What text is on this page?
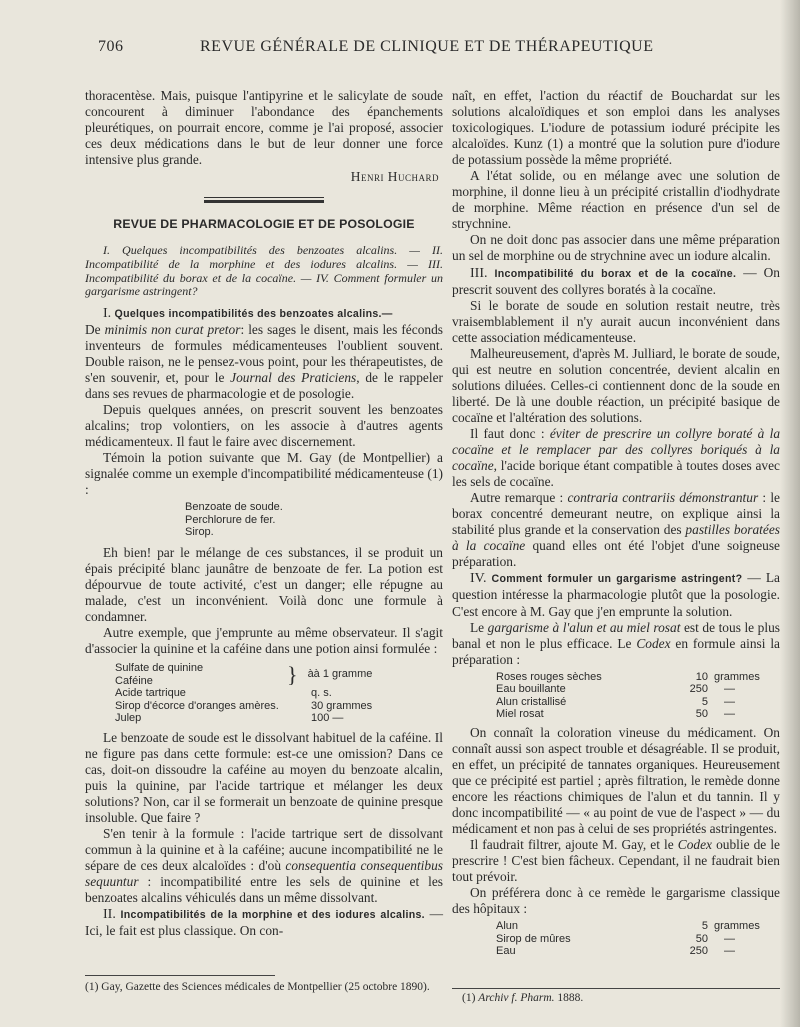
706	REVUE GÉNÉRALE DE CLINIQUE ET DE THÉRAPEUTIQUE

thoracentèse. Mais, puisque l'antipyrine et le salicylate de soude concourent à diminuer l'abondance des épanchements pleurétiques, on pourrait encore, comme je l'ai proposé, associer ces deux médications dans le but de leur donner une force intensive plus grande.

Henri Huchard

REVUE DE PHARMACOLOGIE ET DE POSOLOGIE

I. Quelques incompatibilités des benzoates alcalins. — II. Incompatibilité de la morphine et des iodures alcalins. — III. Incompatibilité du borax et de la cocaïne. — IV. Comment formuler un gargarisme astringent?

I. Quelques incompatibilités des benzoates alcalins.—

De minimis non curat pretor: les sages le disent, mais les féconds inventeurs de formules médicamenteuses l'oublient souvent. Double raison, ne le pensez-vous point, pour les thérapeutistes, de s'en souvenir, et, pour le Journal des Praticiens, de le rappeler dans ses revues de pharmacologie et de posologie.

Depuis quelques années, on prescrit souvent les benzoates alcalins; trop volontiers, on les associe à d'autres agents médicamenteux. Il faut le faire avec discernement.

Témoin la potion suivante que M. Gay (de Montpellier) a signalée comme un exemple d'incompatibilité médicamenteuse (1) :

Benzoate de soude.
Perchlorure de fer.
Sirop.

Eh bien! par le mélange de ces substances, il se produit un épais précipité blanc jaunâtre de benzoate de fer. La potion est dépourvue de toute activité, c'est un danger; elle répugne au malade, c'est un inconvénient. Voilà donc une formule à condamner.

Autre exemple, que j'emprunte au même observateur. Il s'agit d'associer la quinine et la caféine dans une potion ainsi formulée :

Sulfate de quinine
Caféine	} àà 1 gramme
Acide tartrique	q. s.
Sirop d'écorce d'oranges amères.	30 grammes
Julep	100 —

Le benzoate de soude est le dissolvant habituel de la caféine. Il ne figure pas dans cette formule: est-ce une omission? Dans ce cas, doit-on dissoudre la caféine au moyen du benzoate alcalin, puis la quinine, par l'acide tartrique et mélanger les deux solutions? Non, car il se formerait un benzoate de quinine presque insoluble. Que faire ?

S'en tenir à la formule : l'acide tartrique sert de dissolvant commun à la quinine et à la caféine; aucune incompatibilité ne le sépare de ces deux alcaloïdes : d'où consequentia consequentibus sequuntur : incompatibilité entre les sels de quinine et les benzoates alcalins véhiculés dans un même dissolvant.

II. Incompatibilités de la morphine et des iodures alcalins. — Ici, le fait est plus classique. On con-

(1) Gay, Gazette des Sciences médicales de Montpellier (25 octobre 1890).

naît, en effet, l'action du réactif de Bouchardat sur les solutions alcaloïdiques et son emploi dans les analyses toxicologiques. L'iodure de potassium ioduré précipite les alcaloïdes. Kunz (1) a montré que la solution pure d'iodure de potassium possède la même propriété.

A l'état solide, ou en mélange avec une solution de morphine, il donne lieu à un précipité cristallin d'iodhydrate de morphine. Même réaction en présence d'un sel de strychnine.

On ne doit donc pas associer dans une même préparation un sel de morphine ou de strychnine avec un iodure alcalin.

III. Incompatibilité du borax et de la cocaïne. — On prescrit souvent des collyres boratés à la cocaïne.

Si le borate de soude en solution restait neutre, très vraisemblablement il n'y aurait aucun inconvénient dans cette association médicamenteuse.

Malheureusement, d'après M. Julliard, le borate de soude, qui est neutre en solution concentrée, devient alcalin en solutions diluées. Celles-ci contiennent donc de la soude en liberté. De là une double réaction, un précipité basique de cocaïne et l'altération des solutions.

Il faut donc : éviter de prescrire un collyre boraté à la cocaïne et le remplacer par des collyres boriqués à la cocaïne, l'acide borique étant compatible à toutes doses avec les sels de cocaïne.

Autre remarque : contraria contrariis démonstrantur : le borax concentré demeurant neutre, on explique ainsi la stabilité plus grande et la conservation des pastilles boratées à la cocaïne quand elles ont été l'objet d'une soigneuse préparation.

IV. Comment formuler un gargarisme astringent? — La question intéresse la pharmacologie plutôt que la posologie. C'est encore à M. Gay que j'en emprunte la solution.

Le gargarisme à l'alun et au miel rosat est de tous le plus banal et non le plus efficace. Le Codex en formule ainsi la préparation :

Roses rouges sèches	10 grammes
Eau bouillante	250 —
Alun cristallisé	5 —
Miel rosat	50 —

On connaît la coloration vineuse du médicament. On connaît aussi son aspect trouble et désagréable. Il se produit, en effet, un précipité de tannates organiques. Heureusement que ce précipité est partiel ; après filtration, le remède donne encore les réactions chimiques de l'alun et du tannin. Il y donc incompatibilité — « au point de vue de l'aspect » — du médicament et non pas à celui de ses propriétés astringentes.

Il faudrait filtrer, ajoute M. Gay, et le Codex oublie de le prescrire ! C'est bien fâcheux. Cependant, il ne faudrait bien tout prévoir.

On préférera donc à ce remède le gargarisme classique des hôpitaux :

Alun	5 grammes
Sirop de mûres	50 —
Eau	250 —
(1) Archiv f. Pharm. 1888.
